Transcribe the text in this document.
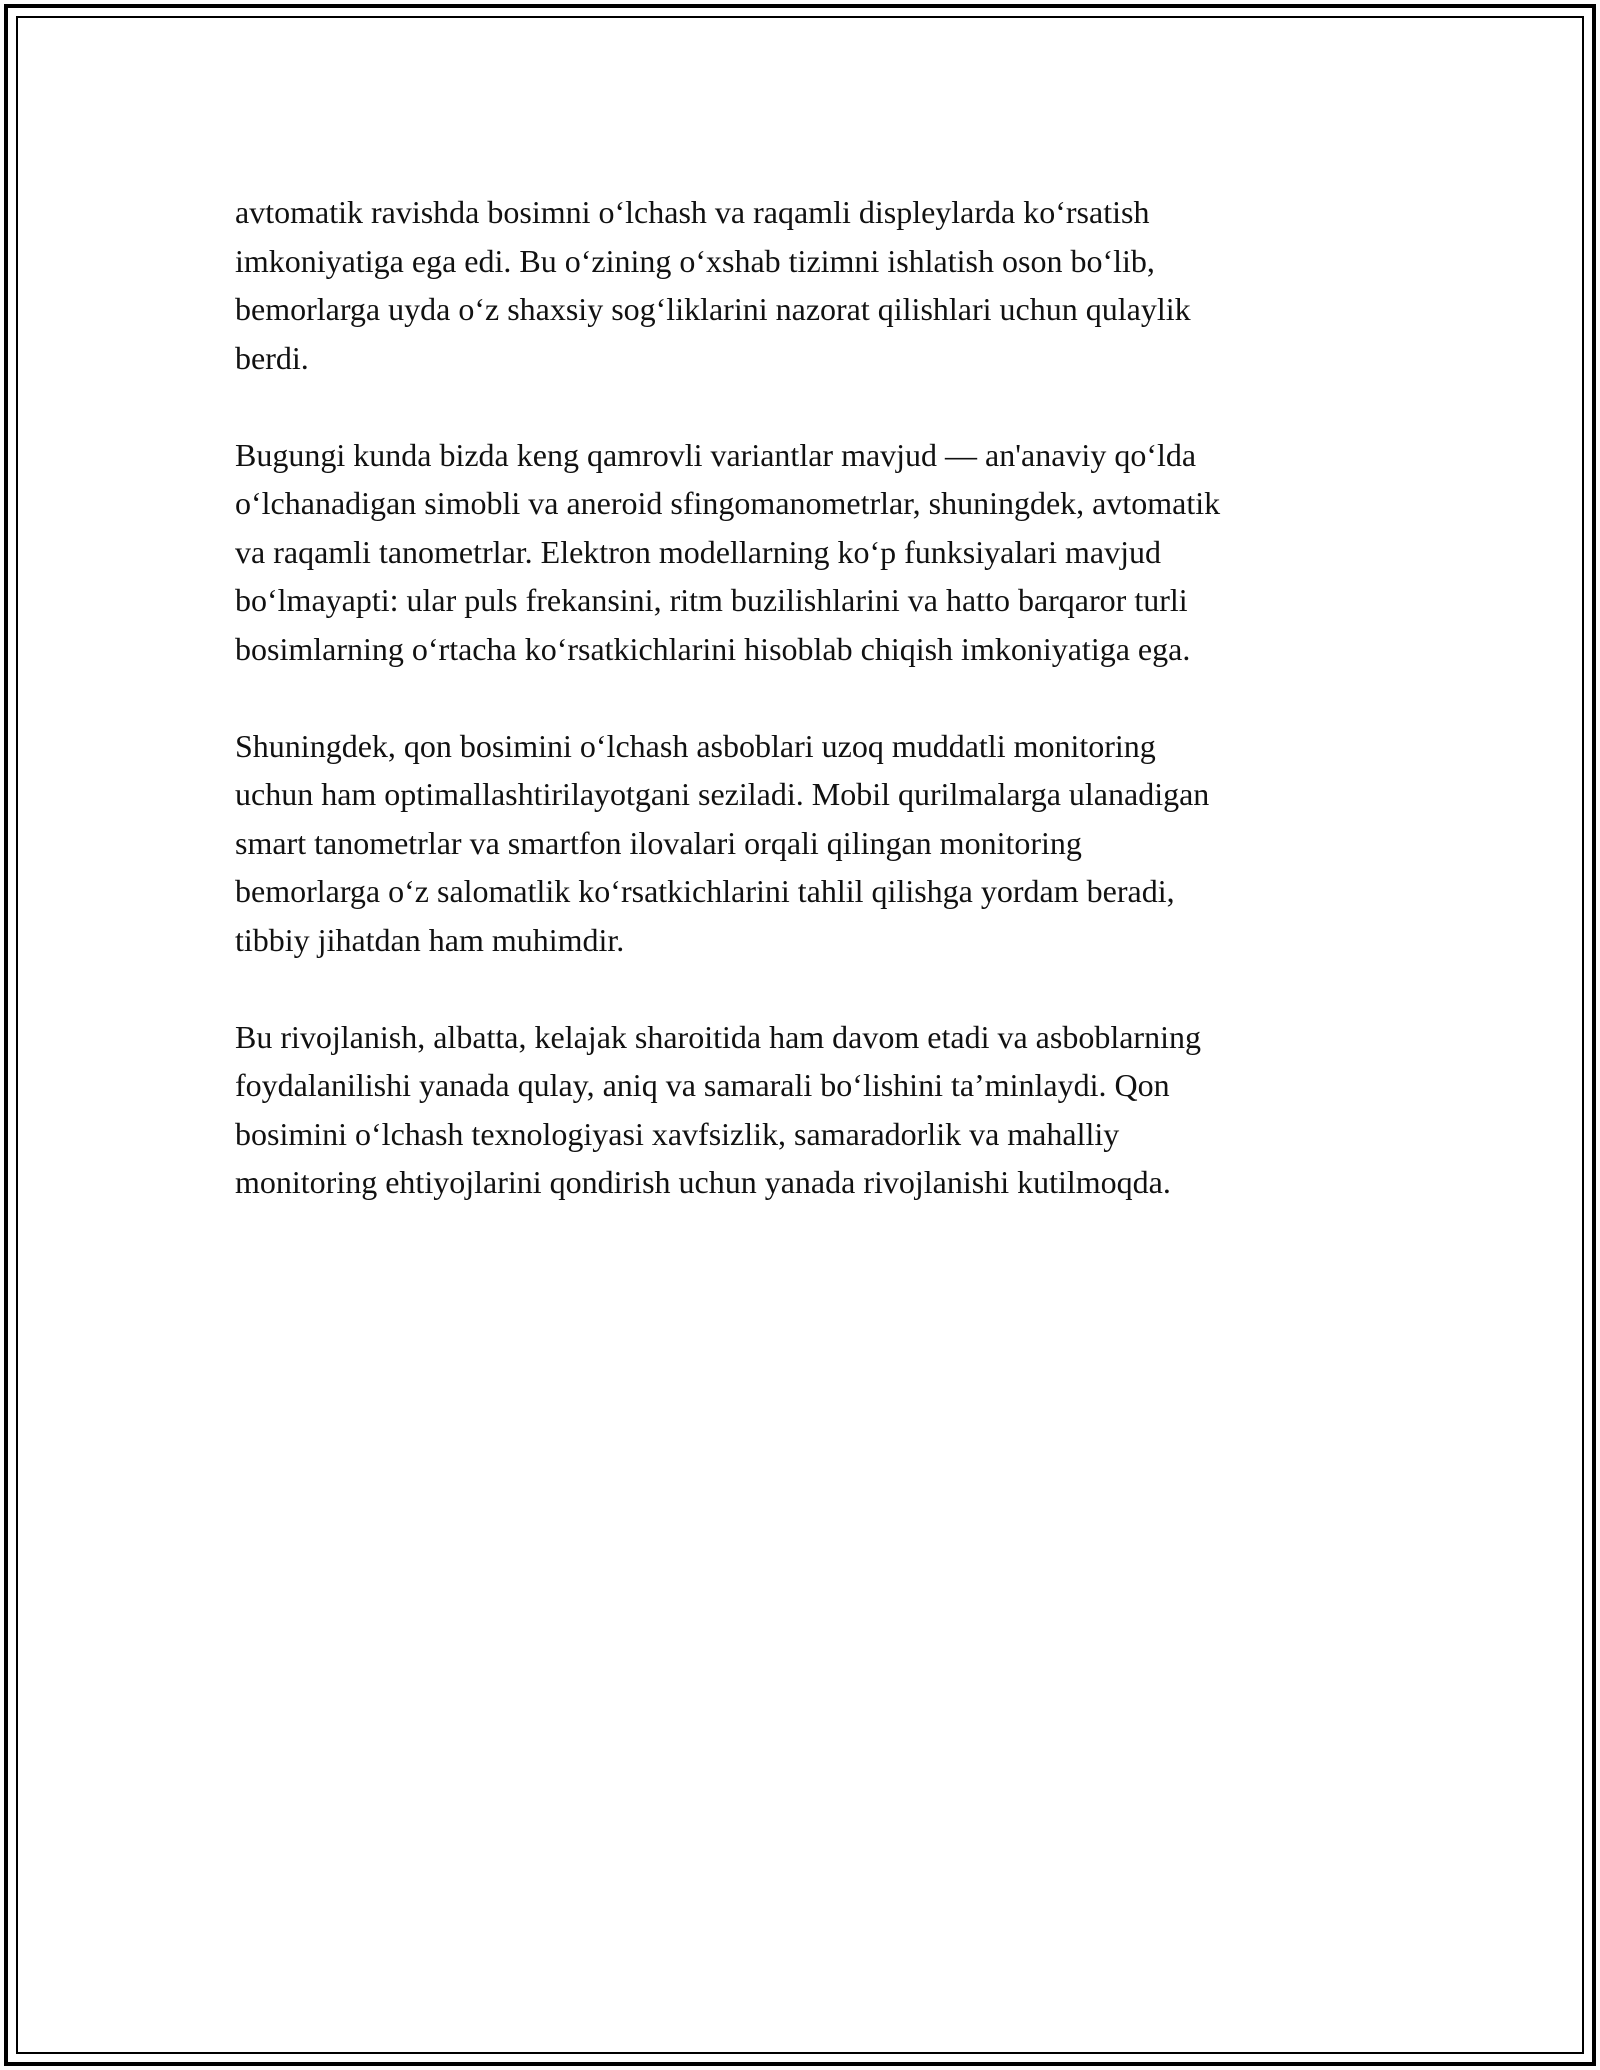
avtomatik ravishda bosimni o‘lchash va raqamli displeylarda ko‘rsatish
imkoniyatiga ega edi. Bu o‘zining o‘xshab tizimni ishlatish oson bo‘lib,
bemorlarga uyda o‘z shaxsiy sog‘liklarini nazorat qilishlari uchun qulaylik
berdi.

Bugungi kunda bizda keng qamrovli variantlar mavjud — an'anaviy qo‘lda
o‘lchanadigan simobli va aneroid sfingomanometrlar, shuningdek, avtomatik
va raqamli tanometrlar. Elektron modellarning ko‘p funksiyalari mavjud
bo‘lmayapti: ular puls frekansini, ritm buzilishlarini va hatto barqaror turli
bosimlarning o‘rtacha ko‘rsatkichlarini hisoblab chiqish imkoniyatiga ega.

Shuningdek, qon bosimini o‘lchash asboblari uzoq muddatli monitoring
uchun ham optimallashtirilayotgani seziladi. Mobil qurilmalarga ulanadigan
smart tanometrlar va smartfon ilovalari orqali qilingan monitoring
bemorlarga o‘z salomatlik ko‘rsatkichlarini tahlil qilishga yordam beradi,
tibbiy jihatdan ham muhimdir.

Bu rivojlanish, albatta, kelajak sharoitida ham davom etadi va asboblarning
foydalanilishi yanada qulay, aniq va samarali bo‘lishini ta’minlaydi. Qon
bosimini o‘lchash texnologiyasi xavfsizlik, samaradorlik va mahalliy
monitoring ehtiyojlarini qondirish uchun yanada rivojlanishi kutilmoqda.
